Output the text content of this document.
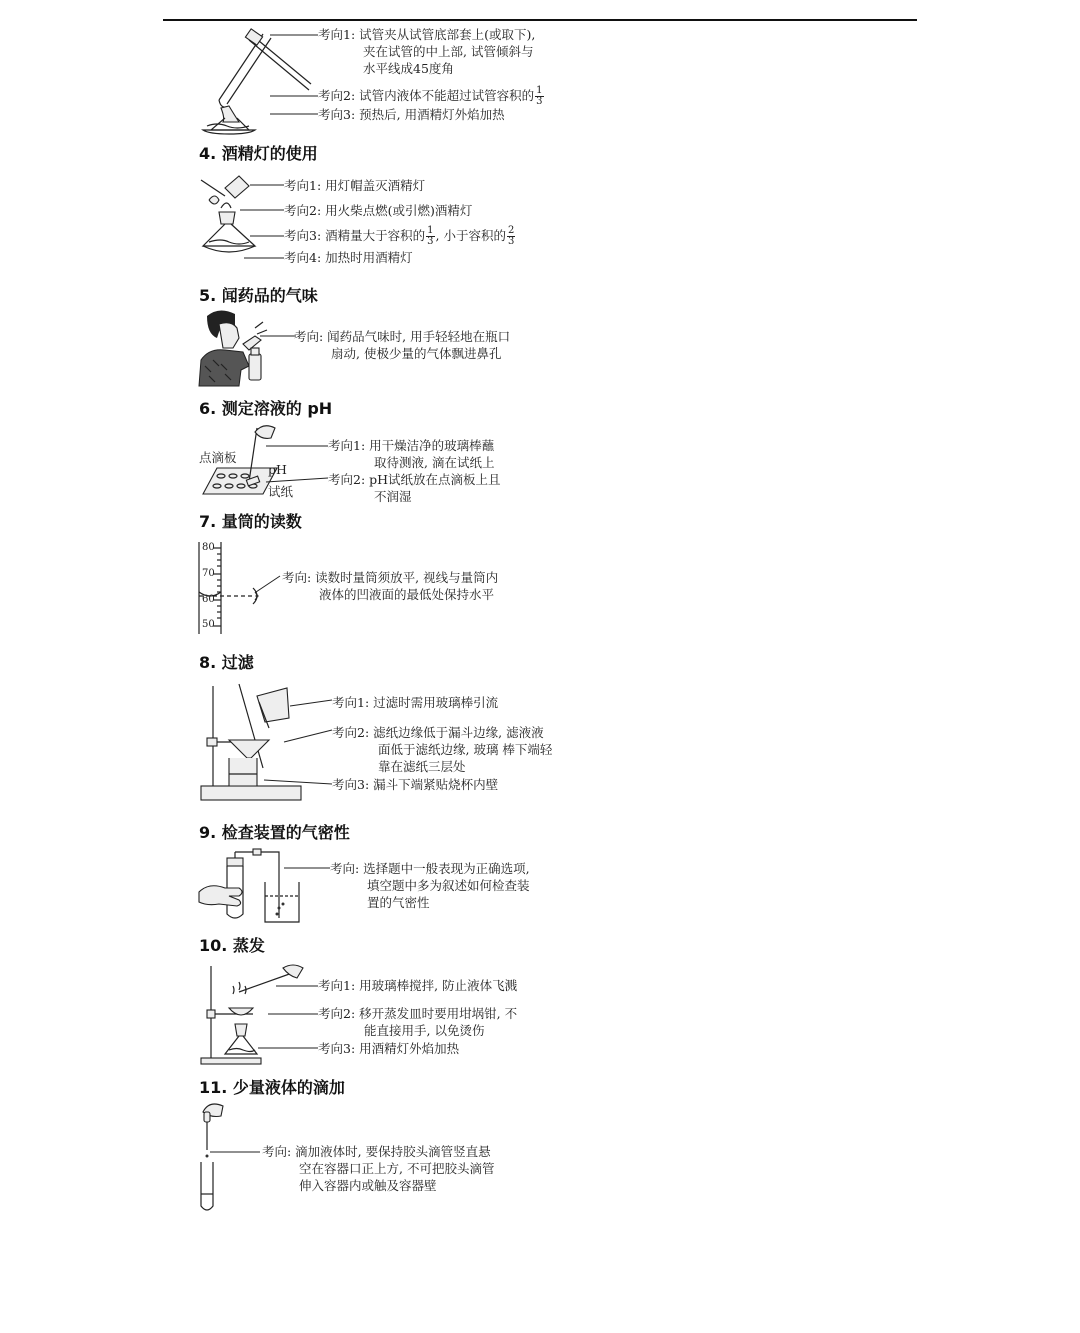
考向1: 试管夹从试管底部套上(或取下),
夹在试管的中上部, 试管倾斜与
水平线成45度角
考向2: 试管内液体不能超过试管容积的 $\frac{1}{3}$
考向3: 预热后, 用酒精灯外焰加热
4. 酒精灯的使用
考向1: 用灯帽盖灭酒精灯
考向2: 用火柴点燃(或引燃)酒精灯
考向3: 酒精量大于容积的 $\frac{1}{3}$ , 小于容积的 $\frac{2}{3}$
考向4: 加热时用酒精灯
5. 闻药品的气味
考向: 闻药品气味时, 用手轻轻地在瓶口
扇动, 使极少量的气体飘进鼻孔
6. 测定溶液的 pH
点滴板
pH
试纸
考向1: 用干燥洁净的玻璃棒蘸
取待测液, 滴在试纸上
考向2: pH试纸放在点滴板上且
不润湿
7. 量筒的读数
80
70
60
50
考向: 读数时量筒须放平, 视线与量筒内
液体的凹液面的最低处保持水平
8. 过滤
考向1: 过滤时需用玻璃棒引流
考向2: 滤纸边缘低于漏斗边缘, 滤液液
面低于滤纸边缘, 玻璃 棒下端轻
靠在滤纸三层处
考向3: 漏斗下端紧贴烧杯内壁
9. 检查装置的气密性
考向: 选择题中一般表现为正确选项,
填空题中多为叙述如何检查装
置的气密性
10. 蒸发
考向1: 用玻璃棒搅拌, 防止液体飞溅
考向2: 移开蒸发皿时要用坩埚钳, 不
能直接用手, 以免烫伤
考向3: 用酒精灯外焰加热
11. 少量液体的滴加
考向: 滴加液体时, 要保持胶头滴管竖直悬
空在容器口正上方, 不可把胶头滴管
伸入容器内或触及容器壁
